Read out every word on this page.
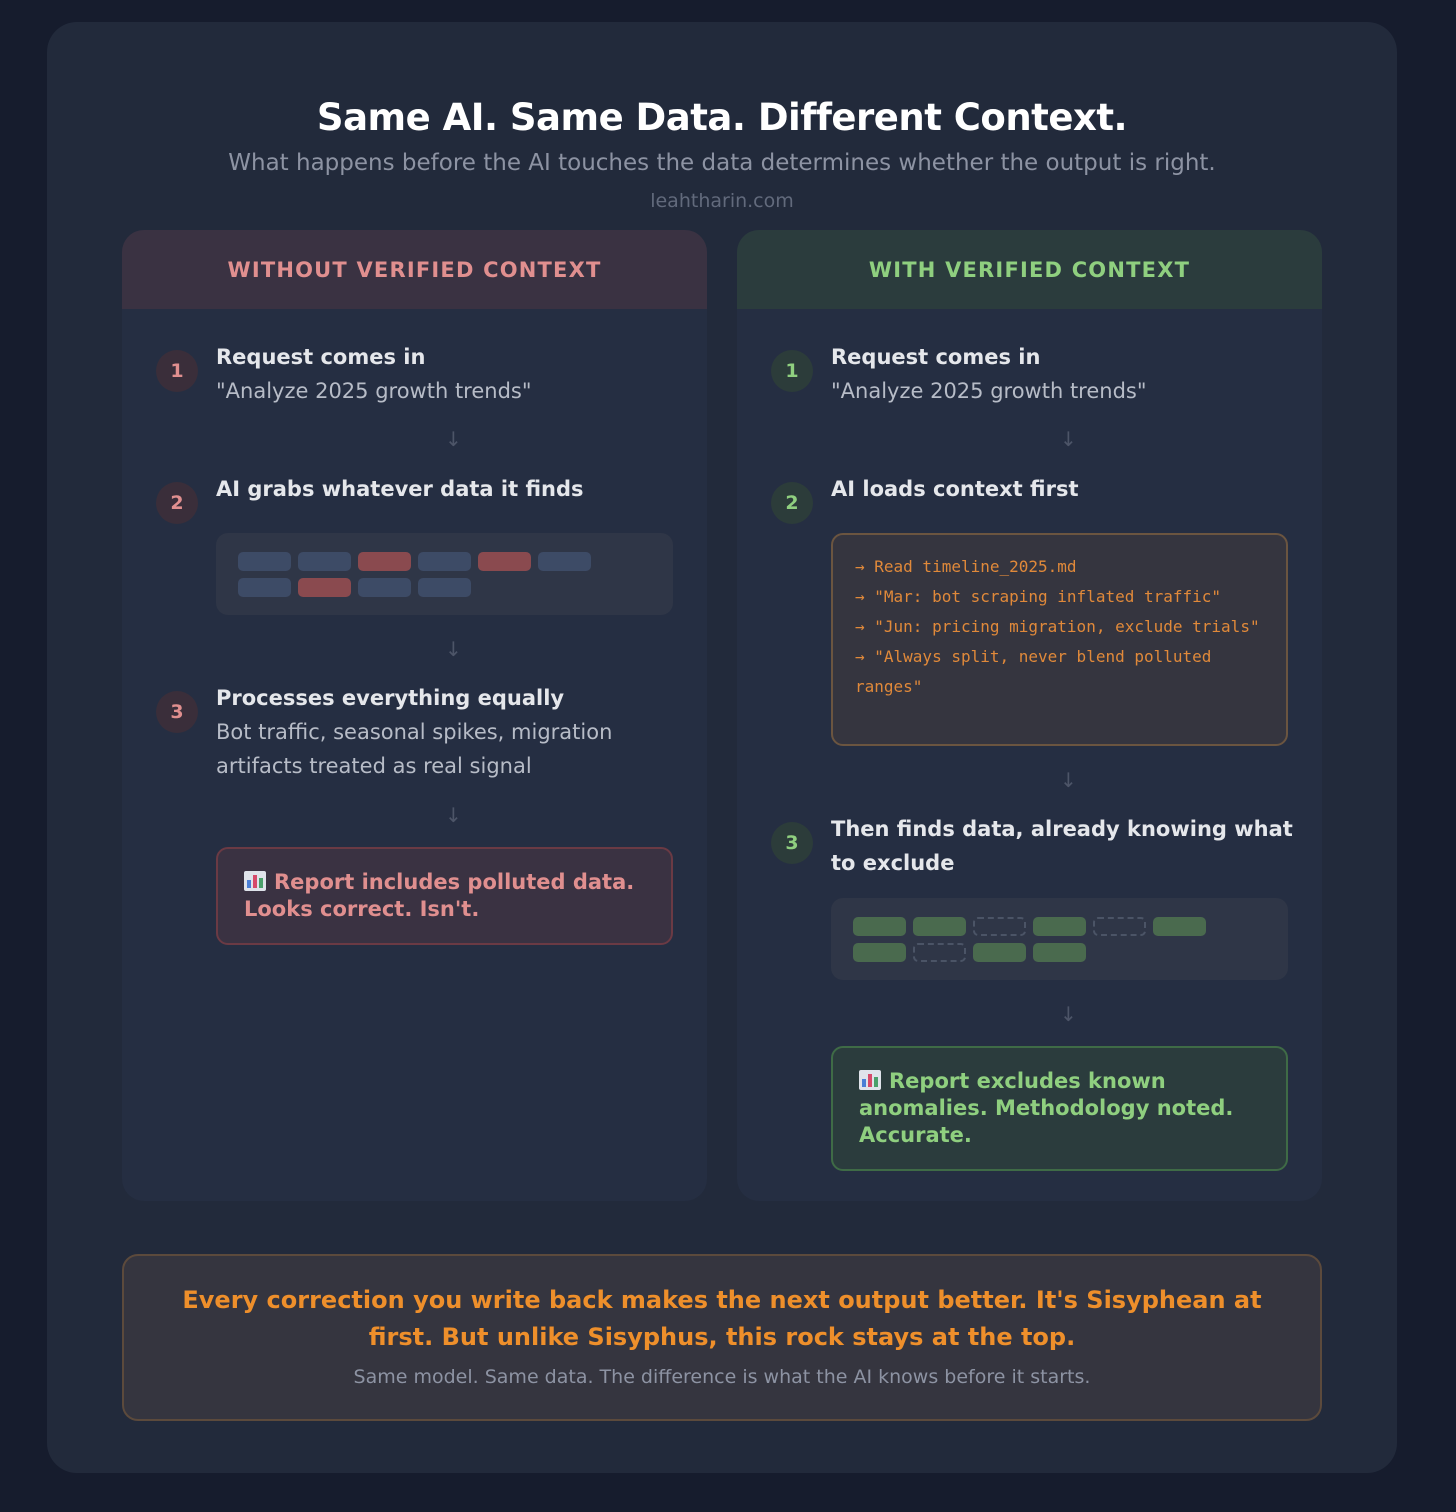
Same AI. Same Data. Different Context.
What happens before the AI touches the data determines whether the output is right.
leahtharin.com
WITHOUT VERIFIED CONTEXT
1
Request comes in
"Analyze 2025 growth trends"
↓
2
AI grabs whatever data it finds
↓
3
Processes everything equally
Bot traffic, seasonal spikes, migration artifacts treated as real signal
↓
Report includes polluted data. Looks correct. Isn't.
WITH VERIFIED CONTEXT
1
Request comes in
"Analyze 2025 growth trends"
↓
2
AI loads context first
→ Read timeline_2025.md
→ "Mar: bot scraping inflated traffic"
→ "Jun: pricing migration, exclude trials"
→ "Always split, never blend polluted ranges"
↓
3
Then finds data, already knowing what to exclude
↓
Report excludes known anomalies. Methodology noted. Accurate.
Every correction you write back makes the next output better. It's Sisyphean at first. But unlike Sisyphus, this rock stays at the top.
Same model. Same data. The difference is what the AI knows before it starts.
